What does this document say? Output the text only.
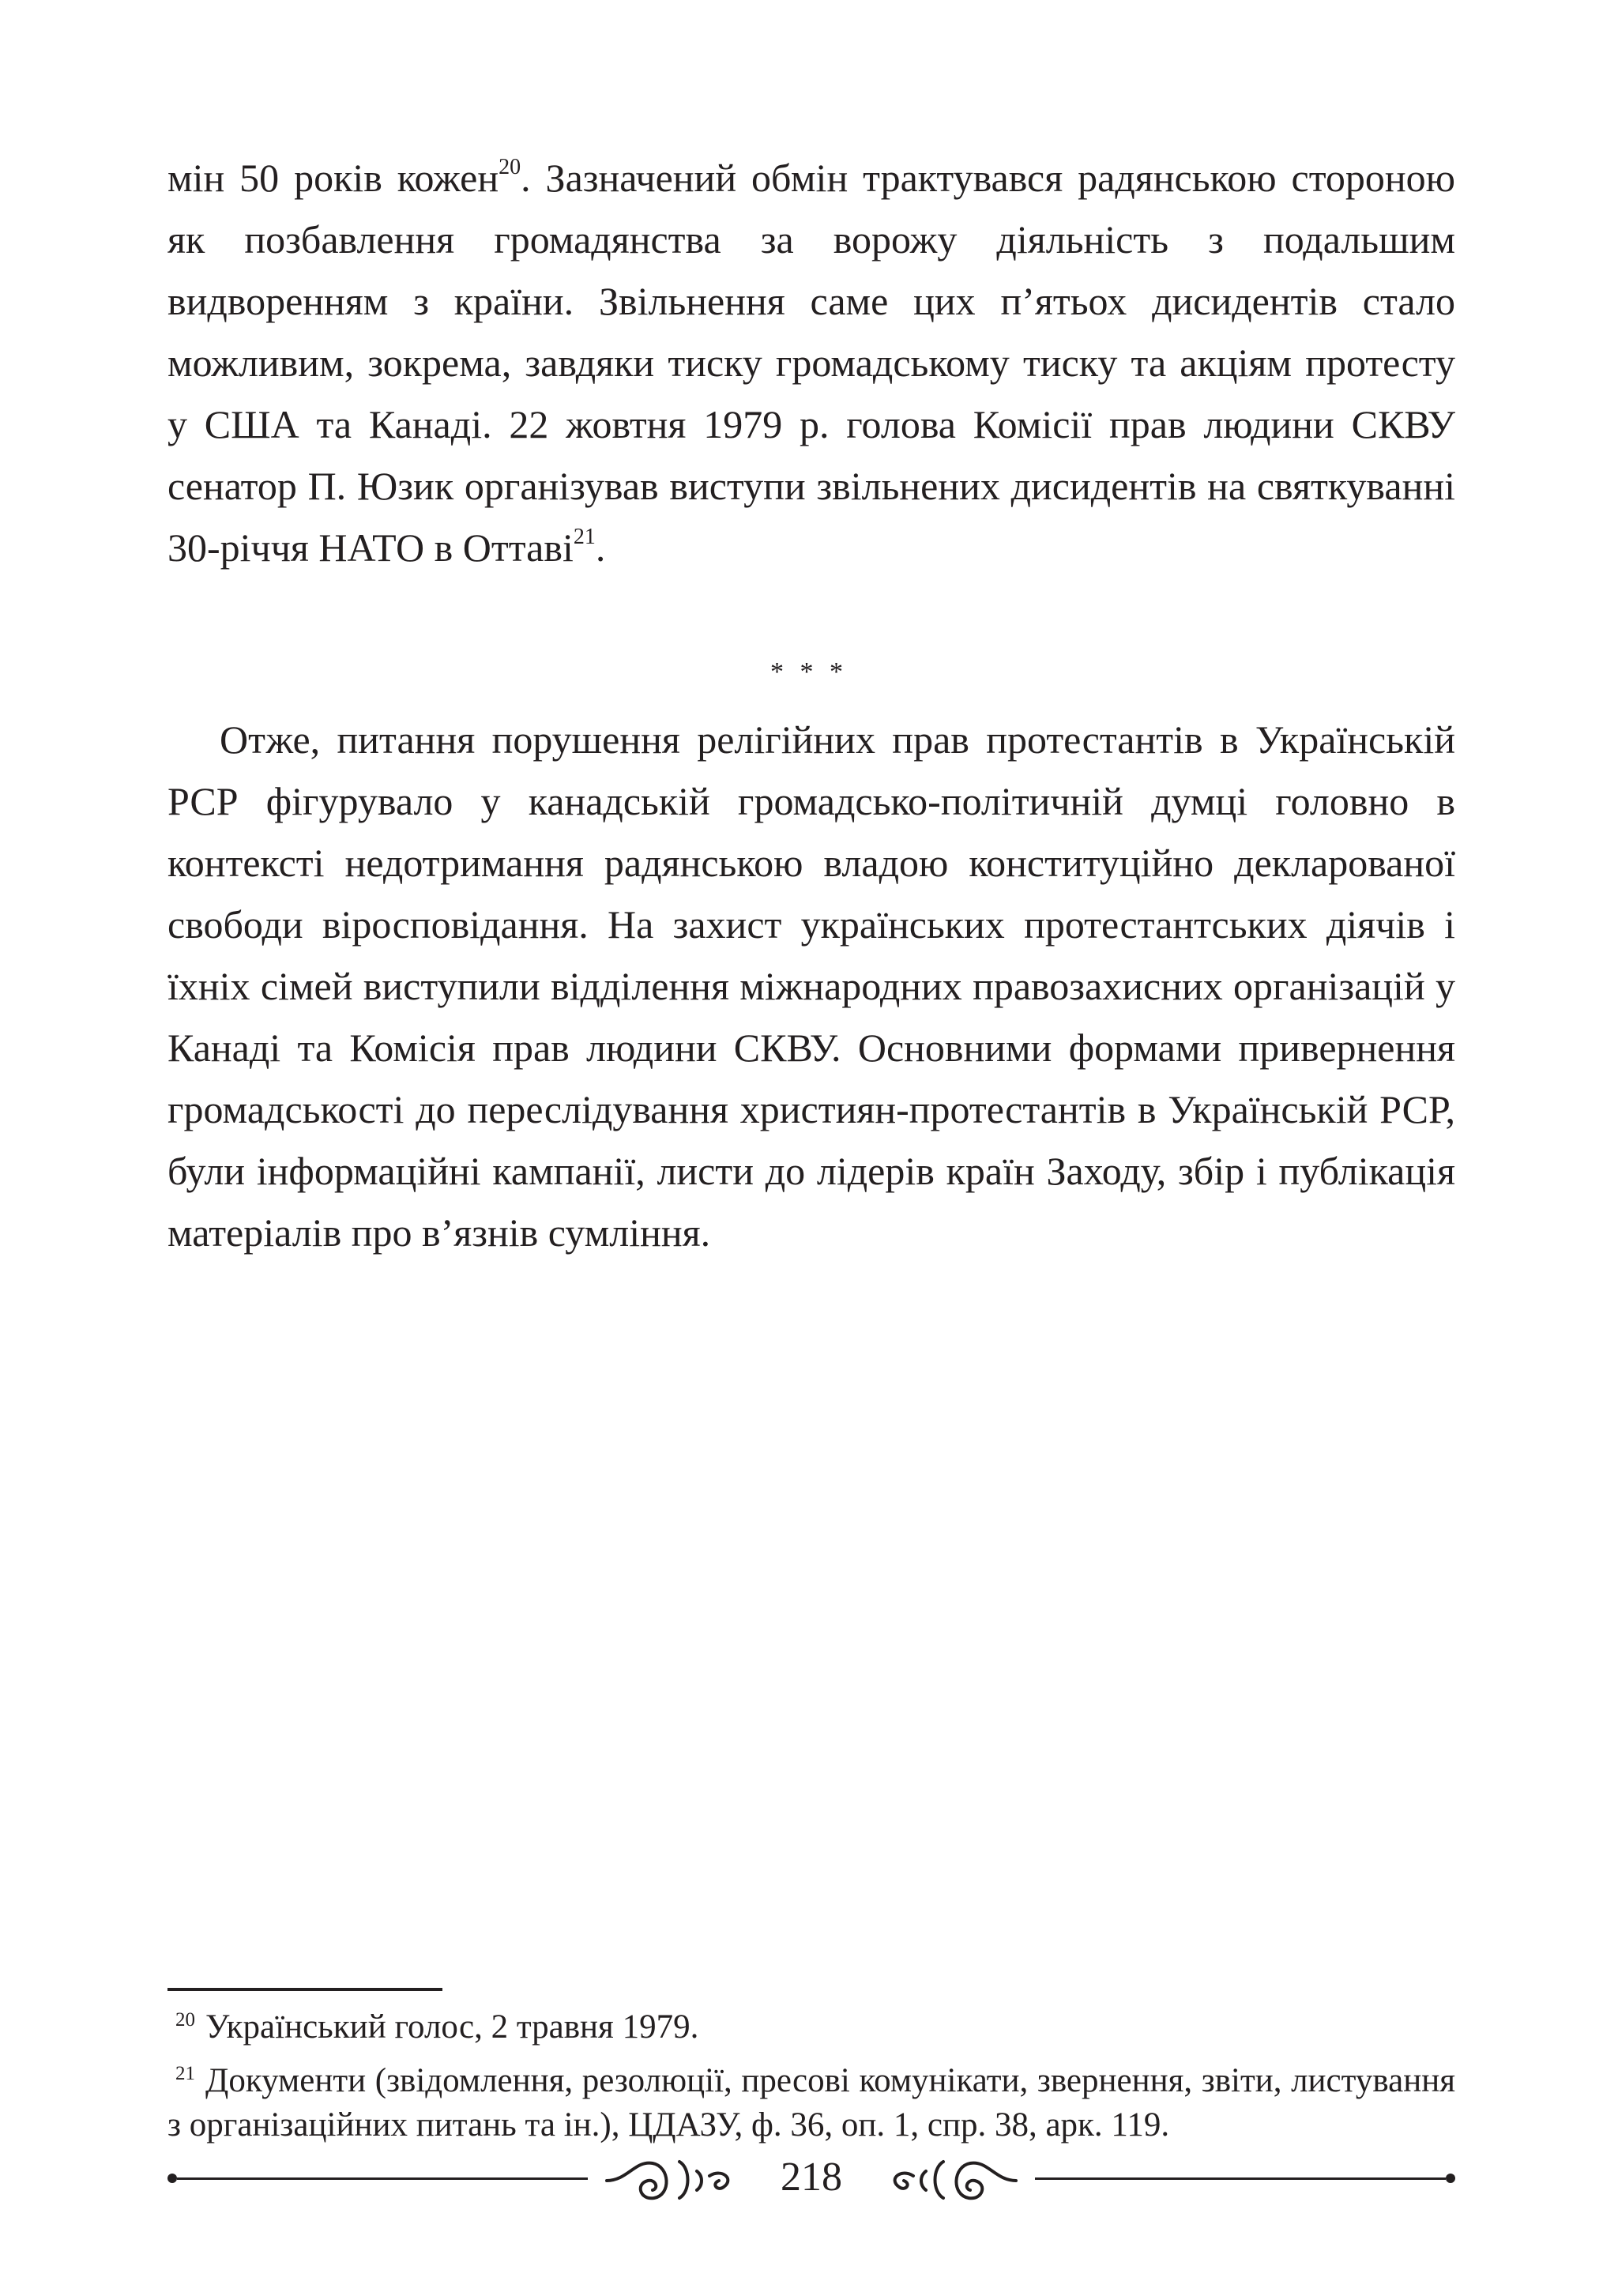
мін 50 років кожен$^{20}$. Зазначений обмін трактувався радянською стороною як позбавлення громадянства за ворожу діяльність з подальшим видворенням з країни. Звільнення саме цих п’ятьох дисидентів стало можливим, зокрема, завдяки тиску громадському тиску та акціям протесту у США та Канаді. 22 жовтня 1979 р. голова Комісії прав людини СКВУ сенатор П. Юзик організував виступи звільнених дисидентів на святкуванні 30-річчя НАТО в Оттаві$^{21}$.

* * *

Отже, питання порушення релігійних прав протестантів в Українській РСР фігурувало у канадській громадсько-політичній думці головно в контексті недотримання радянською владою конституційно декларованої свободи віросповідання. На захист українських протестантських діячів і їхніх сімей виступили відділення міжнародних правозахисних організацій у Канаді та Комісія прав людини СКВУ. Основними формами привернення громадськості до переслідування християн-протестантів в Українській РСР, були інформаційні кампанії, листи до лідерів країн Заходу, збір і публікація матеріалів про в’язнів сумління.

20 Український голос, 2 травня 1979.

21 Документи (звідомлення, резолюції, пресові комунікати, звернення, звіти, листування з організаційних питань та ін.), ЦДАЗУ, ф. 36, оп. 1, спр. 38, арк. 119.

218
